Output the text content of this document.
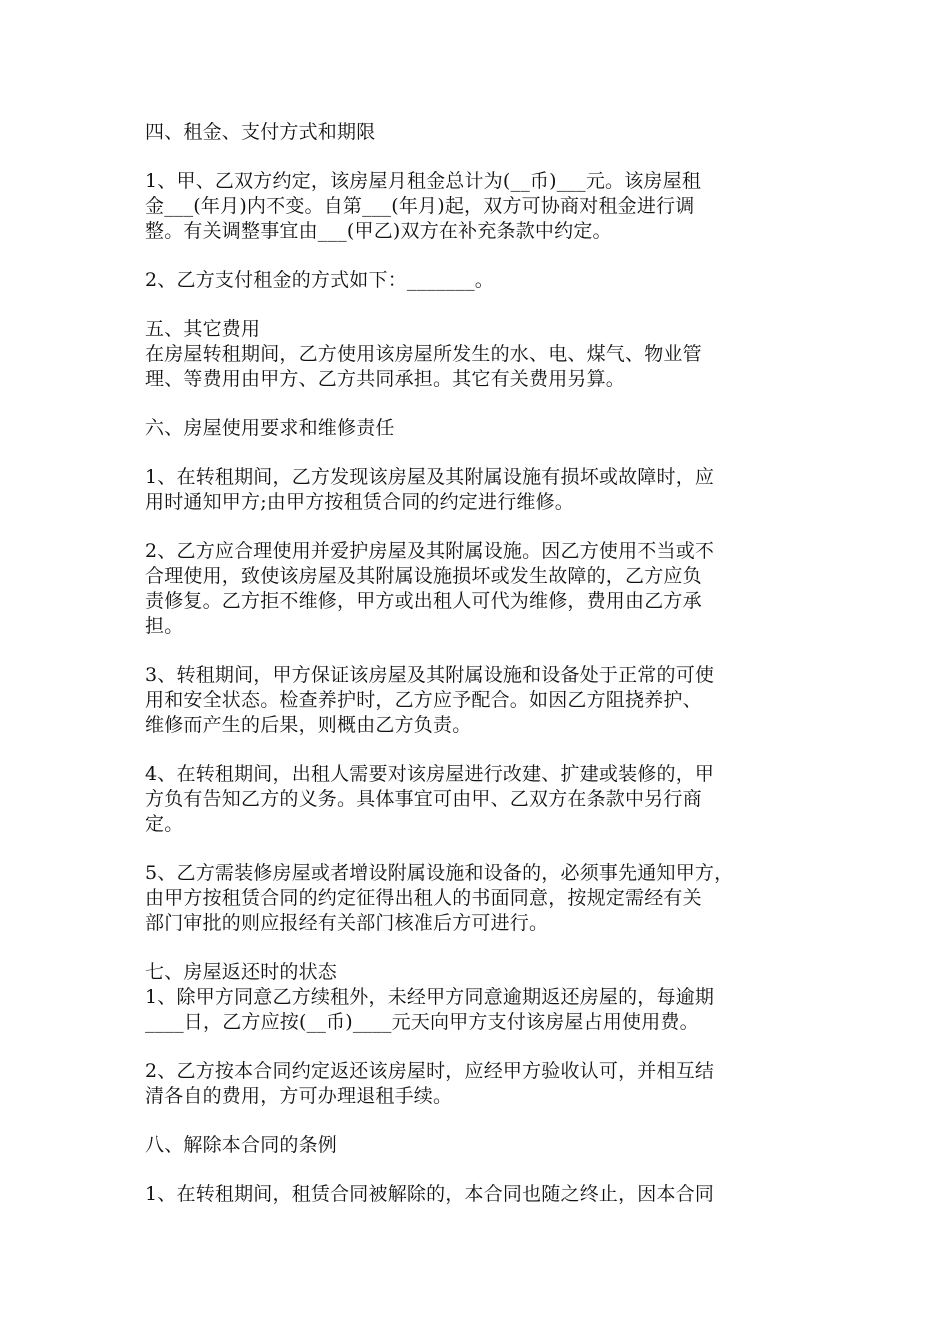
四、租金、支付方式和期限
1、甲、乙双方约定，该房屋月租金总计为(__币)___元。该房屋租
金___(年月)内不变。自第___(年月)起，双方可协商对租金进行调
整。有关调整事宜由___(甲乙)双方在补充条款中约定。
2、乙方支付租金的方式如下：_______。
五、其它费用
在房屋转租期间，乙方使用该房屋所发生的水、电、煤气、物业管
理、等费用由甲方、乙方共同承担。其它有关费用另算。
六、房屋使用要求和维修责任
1、在转租期间，乙方发现该房屋及其附属设施有损坏或故障时，应
用时通知甲方;由甲方按租赁合同的约定进行维修。
2、乙方应合理使用并爱护房屋及其附属设施。因乙方使用不当或不
合理使用，致使该房屋及其附属设施损坏或发生故障的，乙方应负
责修复。乙方拒不维修，甲方或出租人可代为维修，费用由乙方承
担。
3、转租期间，甲方保证该房屋及其附属设施和设备处于正常的可使
用和安全状态。检查养护时，乙方应予配合。如因乙方阻挠养护、
维修而产生的后果，则概由乙方负责。
4、在转租期间，出租人需要对该房屋进行改建、扩建或装修的，甲
方负有告知乙方的义务。具体事宜可由甲、乙双方在条款中另行商
定。
5、乙方需装修房屋或者增设附属设施和设备的，必须事先通知甲方，
由甲方按租赁合同的约定征得出租人的书面同意，按规定需经有关
部门审批的则应报经有关部门核准后方可进行。
七、房屋返还时的状态
1、除甲方同意乙方续租外，未经甲方同意逾期返还房屋的，每逾期
____日，乙方应按(__币)____元天向甲方支付该房屋占用使用费。
2、乙方按本合同约定返还该房屋时，应经甲方验收认可，并相互结
清各自的费用，方可办理退租手续。
八、解除本合同的条例
1、在转租期间，租赁合同被解除的，本合同也随之终止，因本合同
